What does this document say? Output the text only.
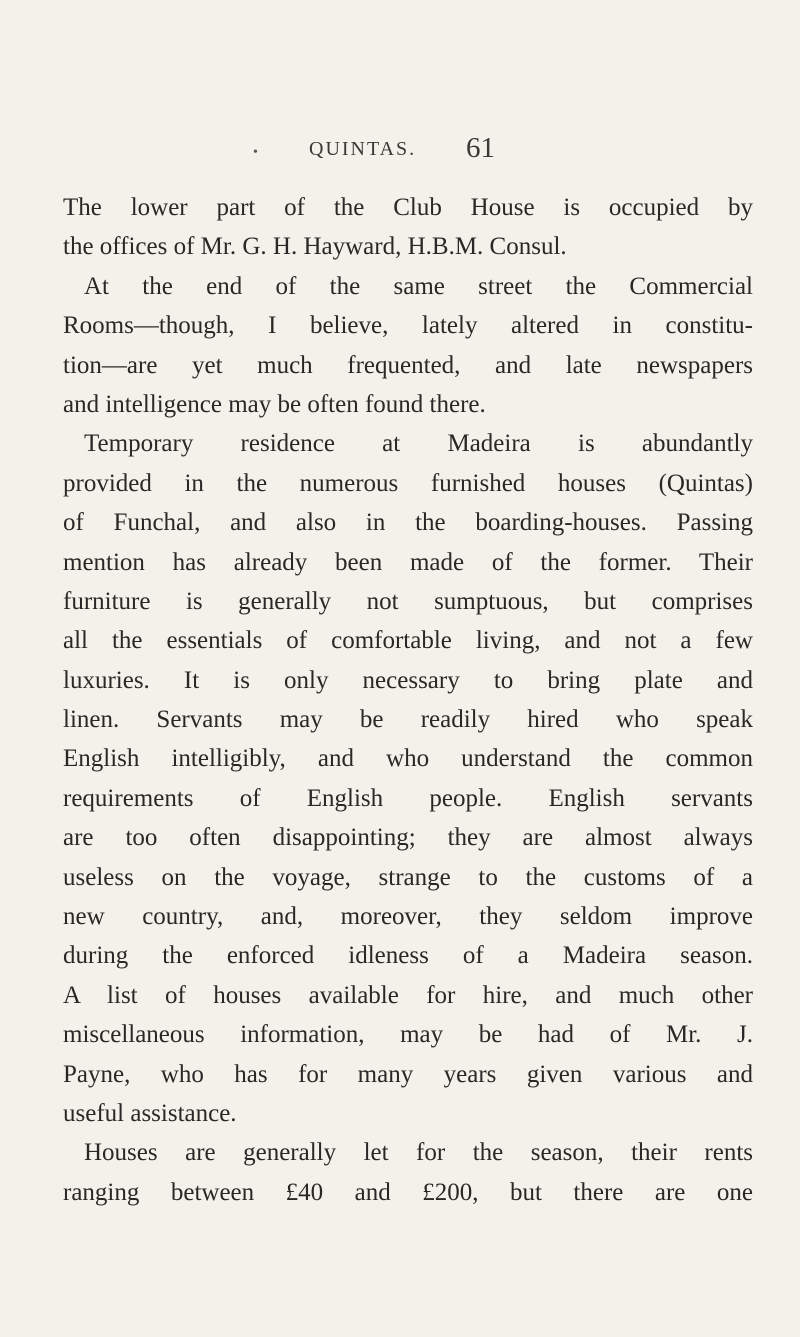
•	QUINTAS. 61
The lower part of the Club House is occupied by
the offices of Mr. G. H. Hayward, H.B.M. Consul.
At the end of the same street the Commercial
Rooms—though, I believe, lately altered in constitu-
tion—are yet much frequented, and late newspapers
and intelligence may be often found there.
Temporary residence at Madeira is abundantly
provided in the numerous furnished houses (Quintas)
of Funchal, and also in the boarding-houses. Passing
mention has already been made of the former. Their
furniture is generally not sumptuous, but comprises
all the essentials of comfortable living, and not a few
luxuries. It is only necessary to bring plate and
linen. Servants may be readily hired who speak
English intelligibly, and who understand the common
requirements of English people. English servants
are too often disappointing; they are almost always
useless on the voyage, strange to the customs of a
new country, and, moreover, they seldom improve
during the enforced idleness of a Madeira season.
A list of houses available for hire, and much other
miscellaneous information, may be had of Mr. J.
Payne, who has for many years given various and
useful assistance.
Houses are generally let for the season, their rents
ranging between £40 and £200, but there are one
